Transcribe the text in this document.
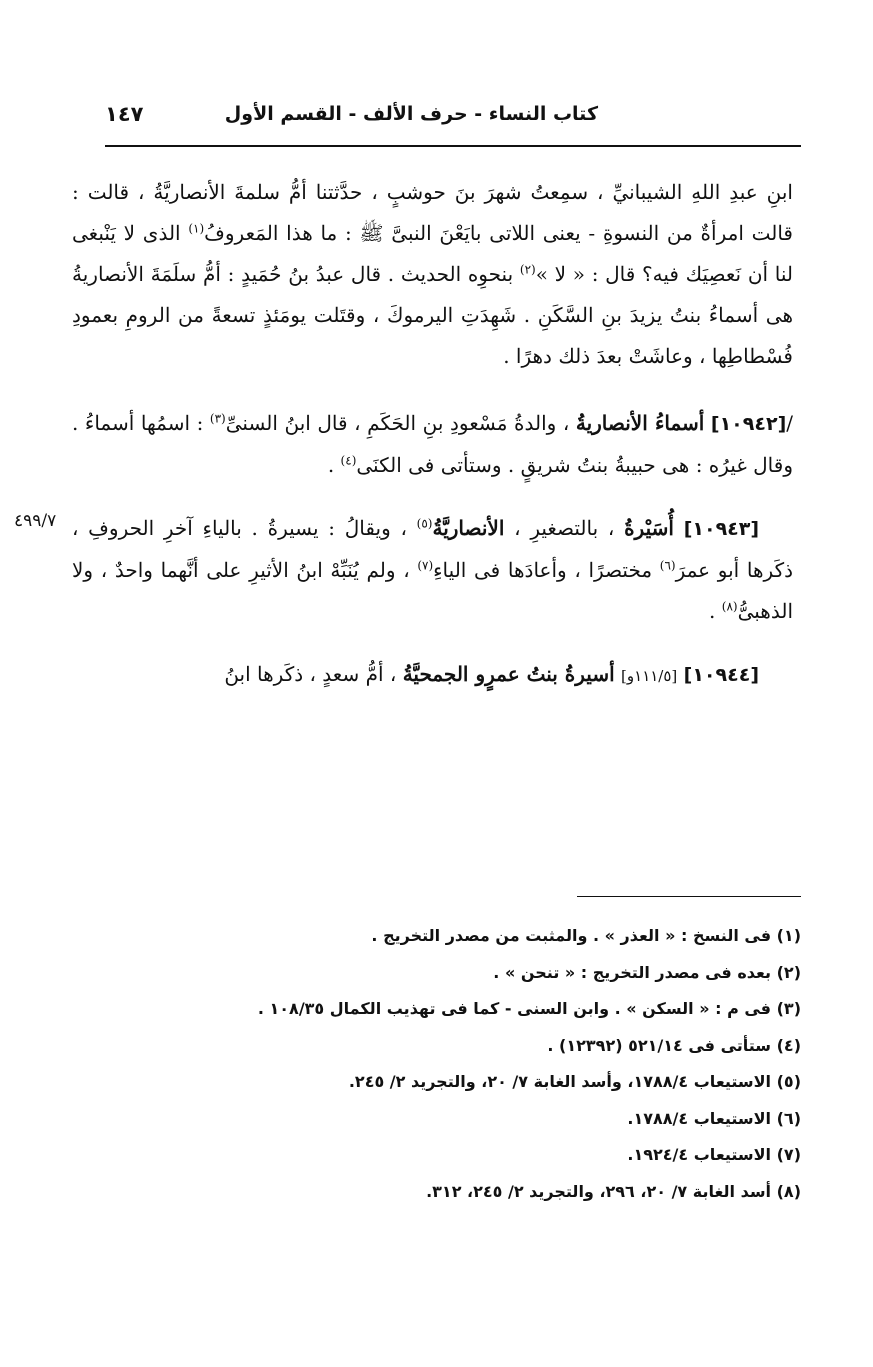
كتاب النساء - حرف الألف - القسم الأول
١٤٧
٤٩٩/٧

ابنِ عبدِ اللهِ الشيبانيِّ ، سمِعتُ شهرَ بنَ حوشبٍ ، حدَّثتنا أمُّ سلمةَ الأنصاريَّةُ ، قالت : قالت امرأةٌ من النسوةِ - يعنى اللاتى بايَعْنَ النبىَّ ﷺ : ما هذا المَعروفُ$^{(١)}$ الذى لا يَنْبغى لنا أن نَعصِيَك فيه؟ قال : « لا »$^{(٢)}$ بنحوِه الحديث . قال عبدُ بنُ حُمَيدٍ : أمُّ سلَمَةَ الأنصاريةُ هى أسماءُ بنتُ يزيدَ بنِ السَّكَنِ . شَهِدَتِ اليرموكَ ، وقتَلت يومَئذٍ تسعةً من الرومِ بعمودِ فُسْطاطِها ، وعاشَتْ بعدَ ذلك دهرًا .

/[١٠٩٤٢] أسماءُ الأنصاريةُ ، والدةُ مَسْعودِ بنِ الحَكَمِ ، قال ابنُ السنىِّ$^{(٣)}$ : اسمُها أسماءُ . وقال غيرُه : هى حبيبةُ بنتُ شريقٍ . وستأتى فى الكنَى$^{(٤)}$ .

[١٠٩٤٣] أُسَيْرةُ ، بالتصغيرِ ، الأنصاريَّةُ$^{(٥)}$ ، ويقالُ : يسيرةُ . بالياءِ آخرِ الحروفِ ، ذكَرها أبو عمرَ$^{(٦)}$ مختصرًا ، وأعادَها فى الياءِ$^{(٧)}$ ، ولم يُنَبِّهْ ابنُ الأثيرِ على أنَّهما واحدٌ ، ولا الذهبىُّ$^{(٨)}$ .

[١٠٩٤٤] [١١١/٥و] أسيرةُ بنتُ عمرٍو الجمحيَّةُ ، أمُّ سعدٍ ، ذكَرها ابنُ

(١) فى النسخ : « العذر » . والمثبت من مصدر التخريج .

(٢) بعده فى مصدر التخريج : « تنحن » .

(٣) فى م : « السكن » . وابن السنى - كما فى تهذيب الكمال ١٠٨/٣٥ .

(٤) ستأتى فى ٥٢١/١٤ (١٢٣٩٢) .

(٥) الاستيعاب ١٧٨٨/٤، وأسد الغابة ٧/ ٢٠، والتجريد ٢/ ٢٤٥.

(٦) الاستيعاب ١٧٨٨/٤.

(٧) الاستيعاب ١٩٢٤/٤.

(٨) أسد الغابة ٧/ ٢٠، ٢٩٦، والتجريد ٢/ ٢٤٥، ٣١٢.
